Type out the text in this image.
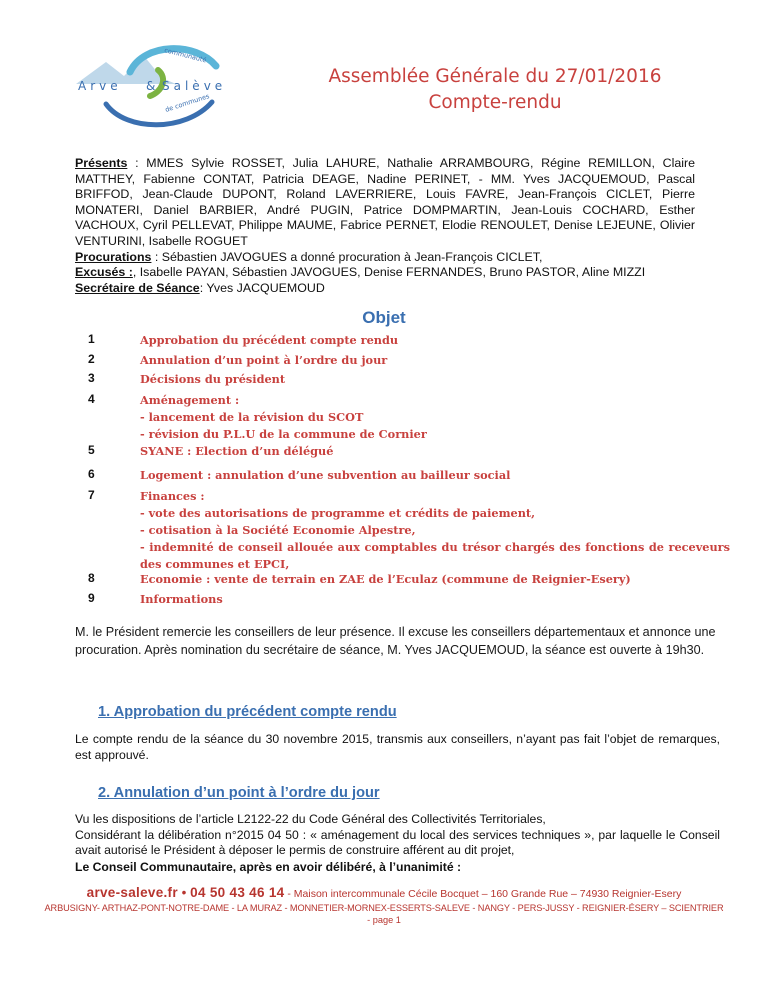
Arve & Salève
communauté
de communes
Assemblée Générale du 27/01/2016
Compte-rendu

Présents : MMES Sylvie ROSSET, Julia LAHURE, Nathalie ARRAMBOURG, Régine REMILLON, Claire MATTHEY, Fabienne CONTAT, Patricia DEAGE, Nadine PERINET, - MM. Yves JACQUEMOUD, Pascal BRIFFOD, Jean-Claude DUPONT, Roland LAVERRIERE, Louis FAVRE, Jean-François CICLET, Pierre MONATERI, Daniel BARBIER, André PUGIN, Patrice DOMPMARTIN, Jean-Louis COCHARD, Esther VACHOUX, Cyril PELLEVAT, Philippe MAUME, Fabrice PERNET, Elodie RENOULET, Denise LEJEUNE, Olivier VENTURINI, Isabelle ROGUET

Procurations : Sébastien JAVOGUES a donné procuration à Jean-François CICLET,

Excusés :, Isabelle PAYAN, Sébastien JAVOGUES, Denise FERNANDES, Bruno PASTOR, Aline MIZZI

Secrétaire de Séance: Yves JACQUEMOUD

Objet
1	Approbation du précédent compte rendu
2	Annulation d’un point à l’ordre du jour
3	Décisions du président
4	Aménagement :
- lancement de la révision du SCOT
- révision du P.L.U de la commune de Cornier
5	SYANE : Election d’un délégué
6	Logement : annulation d’une subvention au bailleur social
7	Finances :
- vote des autorisations de programme et crédits de paiement,
- cotisation à la Société Economie Alpestre,
- indemnité de conseil allouée aux comptables du trésor chargés des fonctions de receveurs des communes et EPCI,
8	Economie : vente de terrain en ZAE de l’Eculaz (commune de Reignier-Esery)
9	Informations
M. le Président remercie les conseillers de leur présence. Il excuse les conseillers départementaux et annonce une procuration. Après nomination du secrétaire de séance, M. Yves JACQUEMOUD, la séance est ouverte à 19h30.
1. Approbation du précédent compte rendu
Le compte rendu de la séance du 30 novembre 2015, transmis aux conseillers, n’ayant pas fait l’objet de remarques, est approuvé.
2. Annulation d’un point à l’ordre du jour

Vu les dispositions de l’article L2122-22 du Code Général des Collectivités Territoriales,

Considérant la délibération n°2015 04 50 : « aménagement du local des services techniques », par laquelle le Conseil avait autorisé le Président à déposer le permis de construire afférent au dit projet,

Le Conseil Communautaire, après en avoir délibéré, à l’unanimité :
arve-saleve.fr • 04 50 43 46 14 - Maison intercommunale Cécile Bocquet – 160 Grande Rue – 74930 Reignier-Esery
ARBUSIGNY- ARTHAZ-PONT-NOTRE-DAME - LA MURAZ - MONNETIER-MORNEX-ESSERTS-SALEVE - NANGY - PERS-JUSSY - REIGNIER-ÉSERY – SCIENTRIER
- page 1
